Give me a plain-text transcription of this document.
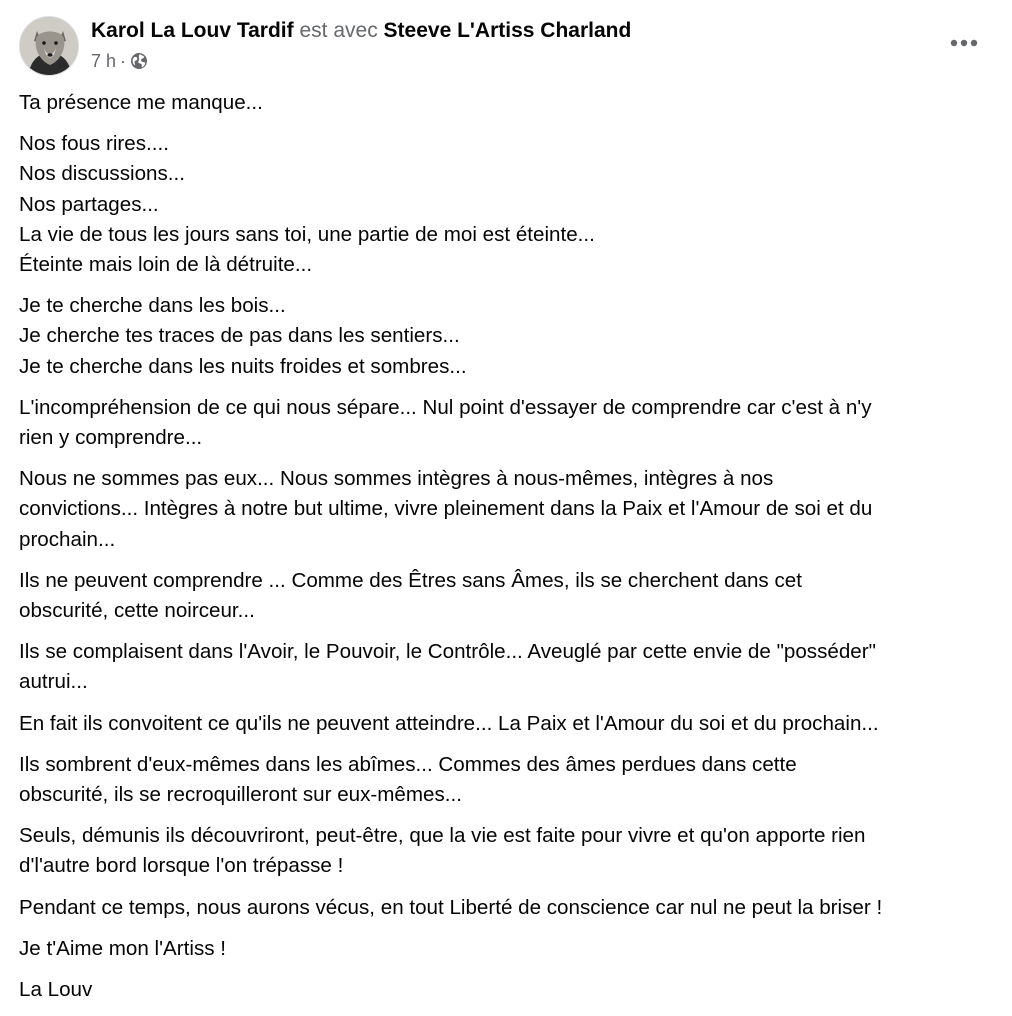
Karol La Louv Tardif est avec Steeve L'Artiss Charland
7 h ·

Ta présence me manque...

Nos fous rires....
Nos discussions...
Nos partages...
La vie de tous les jours sans toi, une partie de moi est éteinte...
Éteinte mais loin de là détruite...

Je te cherche dans les bois...
Je cherche tes traces de pas dans les sentiers...
Je te cherche dans les nuits froides et sombres...

L'incompréhension de ce qui nous sépare... Nul point d'essayer de comprendre car c'est à n'y
rien y comprendre...

Nous ne sommes pas eux... Nous sommes intègres à nous-mêmes, intègres à nos
convictions... Intègres à notre but ultime, vivre pleinement dans la Paix et l'Amour de soi et du
prochain...

Ils ne peuvent comprendre ... Comme des Êtres sans Âmes, ils se cherchent dans cet
obscurité, cette noirceur...

Ils se complaisent dans l'Avoir, le Pouvoir, le Contrôle... Aveuglé par cette envie de "posséder"
autrui...

En fait ils convoitent ce qu'ils ne peuvent atteindre... La Paix et l'Amour du soi et du prochain...

Ils sombrent d'eux-mêmes dans les abîmes... Commes des âmes perdues dans cette
obscurité, ils se recroquilleront sur eux-mêmes...

Seuls, démunis ils découvriront, peut-être, que la vie est faite pour vivre et qu'on apporte rien
d'l'autre bord lorsque l'on trépasse !

Pendant ce temps, nous aurons vécus, en tout Liberté de conscience car nul ne peut la briser !

Je t'Aime mon l'Artiss !

La Louv
